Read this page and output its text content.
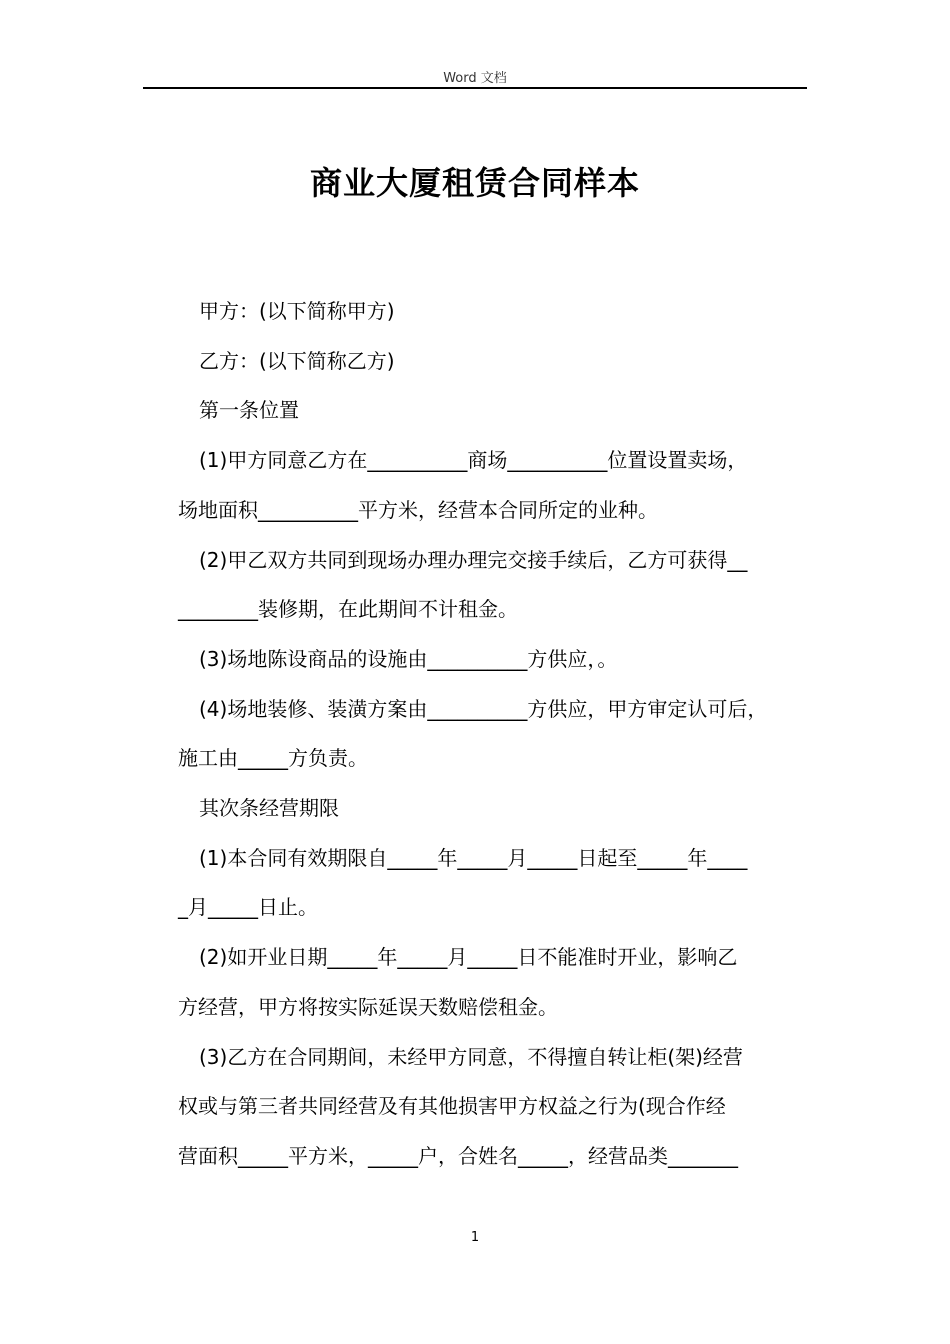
Word 文档
商业大厦租赁合同样本

甲方：(以下简称甲方)

乙方：(以下简称乙方)

第一条位置

(1)甲方同意乙方在__________商场__________位置设置卖场，

场地面积__________平方米，经营本合同所定的业种。

(2)甲乙双方共同到现场办理办理完交接手续后，乙方可获得__

________装修期，在此期间不计租金。

(3)场地陈设商品的设施由__________方供应，。

(4)场地装修、装潢方案由__________方供应，甲方审定认可后，

施工由_____方负责。

其次条经营期限

(1)本合同有效期限自_____年_____月_____日起至_____年____

_月_____日止。

(2)如开业日期_____年_____月_____日不能准时开业，影响乙

方经营，甲方将按实际延误天数赔偿租金。

(3)乙方在合同期间，未经甲方同意，不得擅自转让柜(架)经营

权或与第三者共同经营及有其他损害甲方权益之行为(现合作经

营面积_____平方米，_____户，合姓名_____，经营品类_______

1
